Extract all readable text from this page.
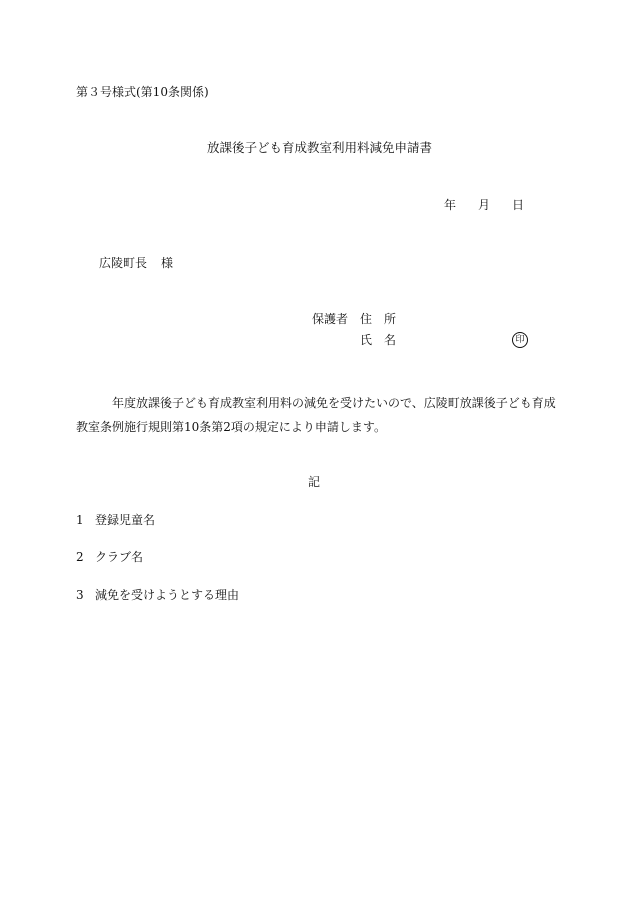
第３号様式(第10条関係)
放課後子ども育成教室利用料減免申請書
年 月 日
広陵町長 様
保護者 住所
氏名	印
年度放課後子ども育成教室利用料の減免を受けたいので、広陵町放課後子ども育成教室条例施行規則第10条第2項の規定により申請します。
記
1 登録児童名
2 クラブ名
3 減免を受けようとする理由
